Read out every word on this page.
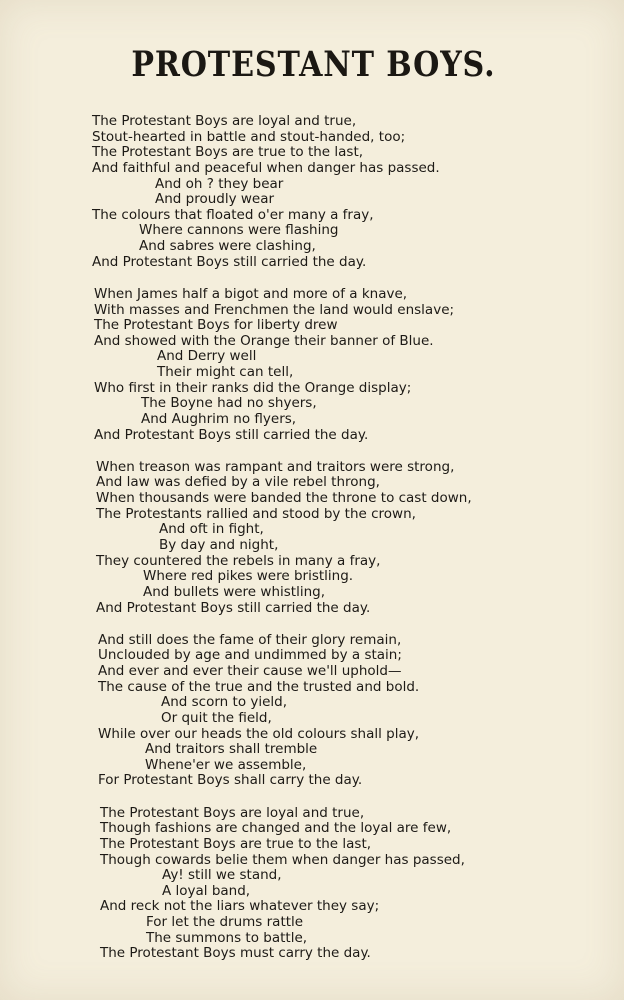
PROTESTANT BOYS.
The Protestant Boys are loyal and true,
Stout-hearted in battle and stout-handed, too;
The Protestant Boys are true to the last,
And faithful and peaceful when danger has passed.
And oh ? they bear
And proudly wear
The colours that floated o'er many a fray,
Where cannons were flashing
And sabres were clashing,
And Protestant Boys still carried the day.
When James half a bigot and more of a knave,
With masses and Frenchmen the land would enslave;
The Protestant Boys for liberty drew
And showed with the Orange their banner of Blue.
And Derry well
Their might can tell,
Who first in their ranks did the Orange display;
The Boyne had no shyers,
And Aughrim no flyers,
And Protestant Boys still carried the day.
When treason was rampant and traitors were strong,
And law was defied by a vile rebel throng,
When thousands were banded the throne to cast down,
The Protestants rallied and stood by the crown,
And oft in fight,
By day and night,
They countered the rebels in many a fray,
Where red pikes were bristling.
And bullets were whistling,
And Protestant Boys still carried the day.
And still does the fame of their glory remain,
Unclouded by age and undimmed by a stain;
And ever and ever their cause we'll uphold—
The cause of the true and the trusted and bold.
And scorn to yield,
Or quit the field,
While over our heads the old colours shall play,
And traitors shall tremble
Whene'er we assemble,
For Protestant Boys shall carry the day.
The Protestant Boys are loyal and true,
Though fashions are changed and the loyal are few,
The Protestant Boys are true to the last,
Though cowards belie them when danger has passed,
Ay! still we stand,
A loyal band,
And reck not the liars whatever they say;
For let the drums rattle
The summons to battle,
The Protestant Boys must carry the day.
